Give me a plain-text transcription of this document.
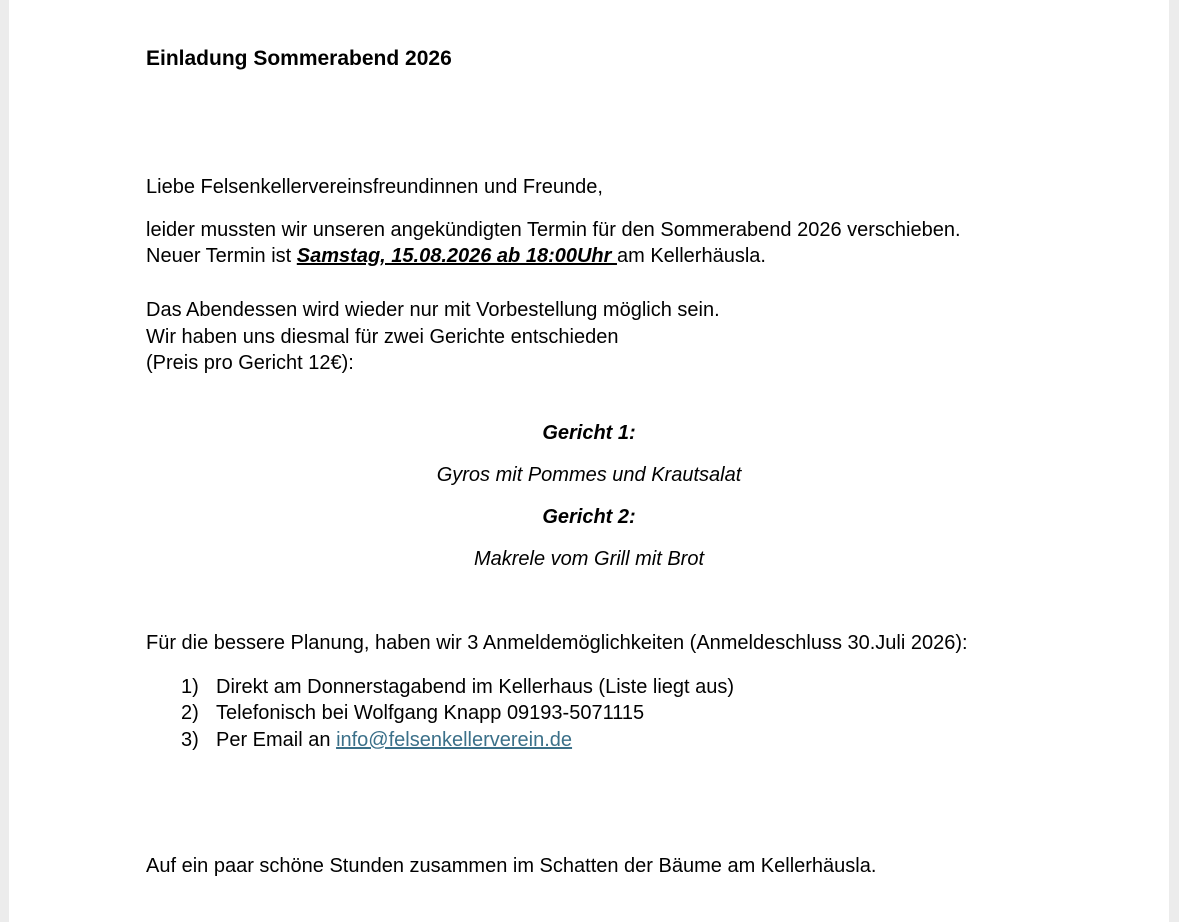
Einladung Sommerabend 2026
Liebe Felsenkellervereinsfreundinnen und Freunde,
leider mussten wir unseren angekündigten Termin für den Sommerabend 2026 verschieben.
Neuer Termin ist Samstag, 15.08.2026 ab 18:00Uhr am Kellerhäusla.
Das Abendessen wird wieder nur mit Vorbestellung möglich sein.
Wir haben uns diesmal für zwei Gerichte entschieden
(Preis pro Gericht 12€):
Gericht 1:
Gyros mit Pommes und Krautsalat
Gericht 2:
Makrele vom Grill mit Brot
Für die bessere Planung, haben wir 3 Anmeldemöglichkeiten (Anmeldeschluss 30.Juli 2026):
1) Direkt am Donnerstagabend im Kellerhaus (Liste liegt aus)
2) Telefonisch bei Wolfgang Knapp 09193-5071115
3) Per Email an info@felsenkellerverein.de
Auf ein paar schöne Stunden zusammen im Schatten der Bäume am Kellerhäusla.
